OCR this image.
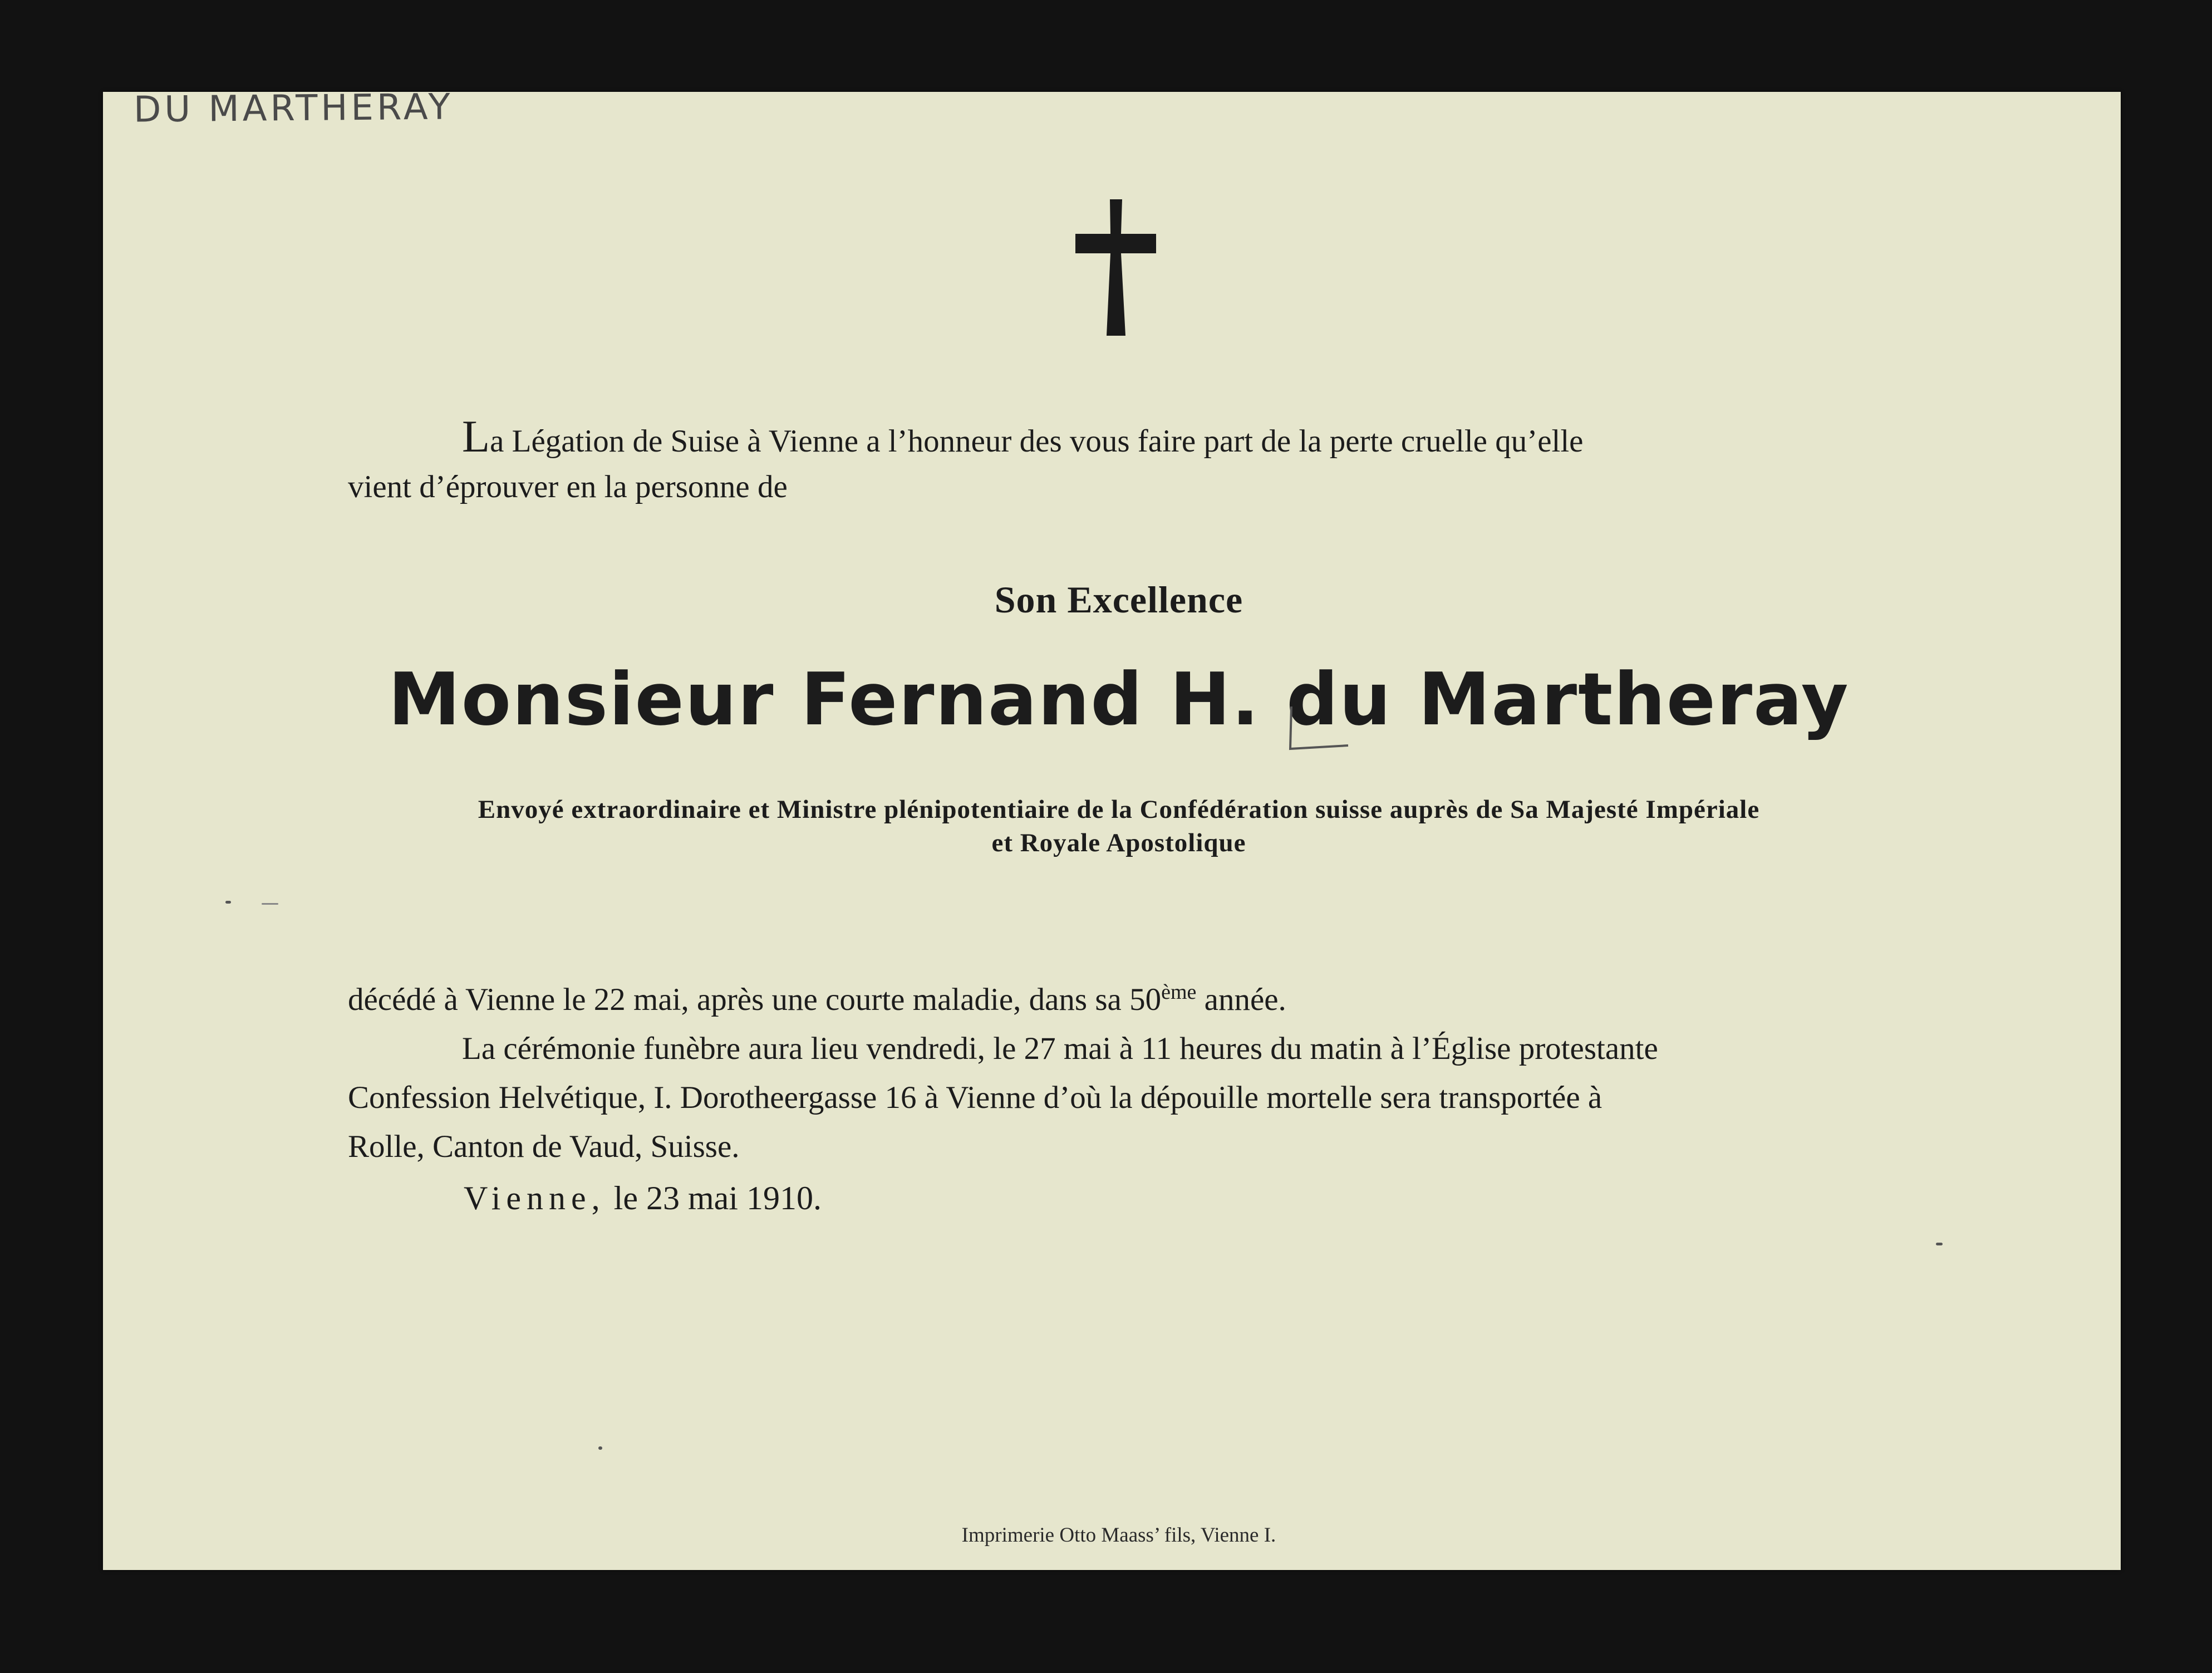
DU MARTHERAY
La Légation de Suise à Vienne a l’honneur des vous faire part de la perte cruelle qu’elle
vient d’éprouver en la personne de
Son Excellence
Monsieur Fernand H. du Martheray
Envoyé extraordinaire et Ministre plénipotentiaire de la Confédération suisse auprès de Sa Majesté Impériale
et Royale Apostolique
décédé à Vienne le 22 mai, après une courte maladie, dans sa 50ème année.
La cérémonie funèbre aura lieu vendredi, le 27 mai à 11 heures du matin à l’Église protestante
Confession Helvétique, I. Dorotheergasse 16 à Vienne d’où la dépouille mortelle sera transportée à
Rolle, Canton de Vaud, Suisse.
Vienne, le 23 mai 1910.
Imprimerie Otto Maass’ fils, Vienne I.
